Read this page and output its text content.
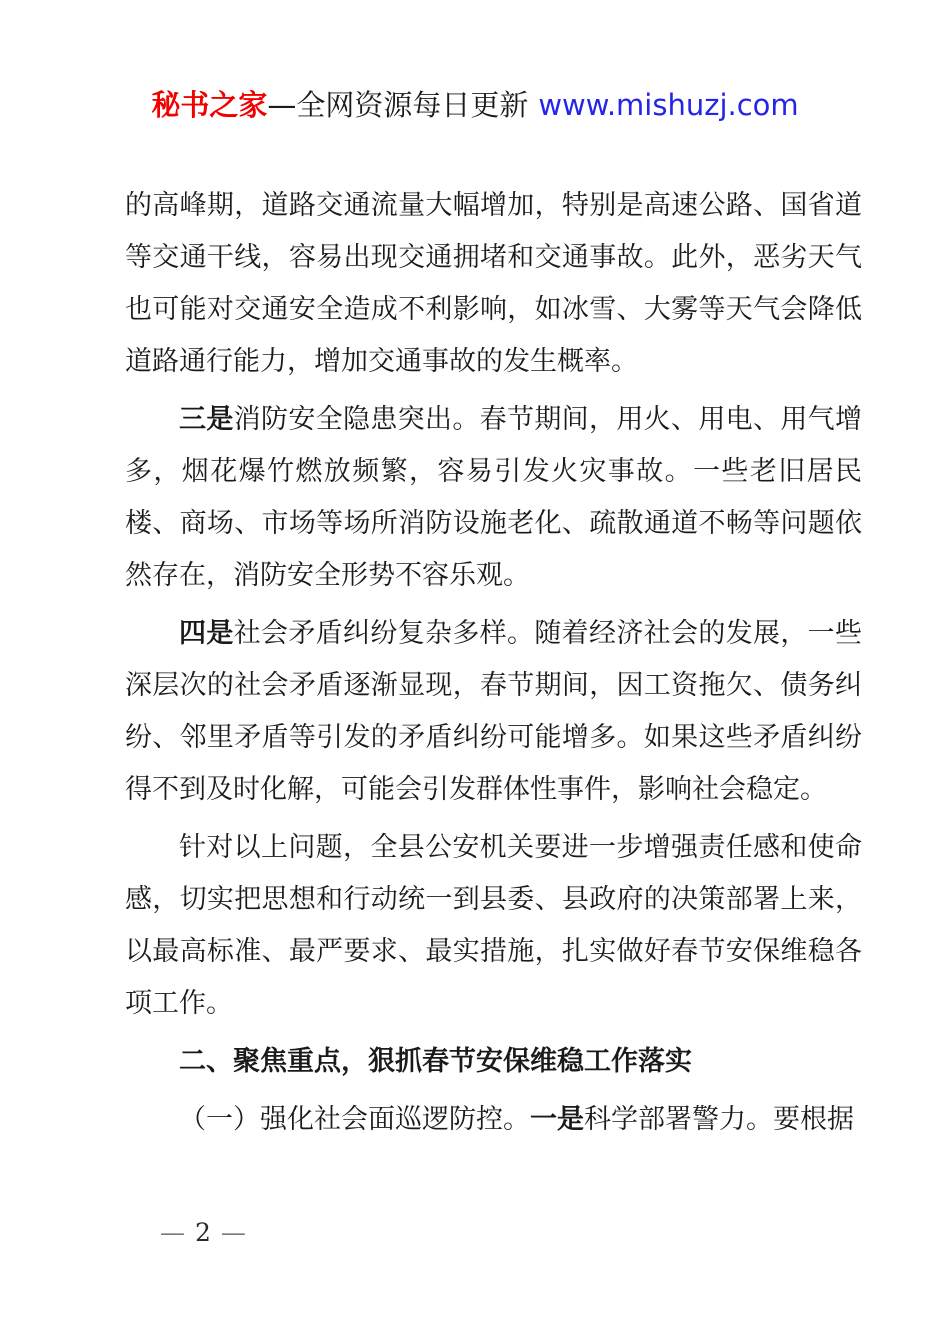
秘书之家—全网资源每日更新 www.mishuzj.com

的高峰期，道路交通流量大幅增加，特别是高速公路、国省道等交通干线，容易出现交通拥堵和交通事故。此外，恶劣天气也可能对交通安全造成不利影响，如冰雪、大雾等天气会降低道路通行能力，增加交通事故的发生概率。

三是消防安全隐患突出。春节期间，用火、用电、用气增多，烟花爆竹燃放频繁，容易引发火灾事故。一些老旧居民楼、商场、市场等场所消防设施老化、疏散通道不畅等问题依然存在，消防安全形势不容乐观。

四是社会矛盾纠纷复杂多样。随着经济社会的发展，一些深层次的社会矛盾逐渐显现，春节期间，因工资拖欠、债务纠纷、邻里矛盾等引发的矛盾纠纷可能增多。如果这些矛盾纠纷得不到及时化解，可能会引发群体性事件，影响社会稳定。

针对以上问题，全县公安机关要进一步增强责任感和使命感，切实把思想和行动统一到县委、县政府的决策部署上来，以最高标准、最严要求、最实措施，扎实做好春节安保维稳各项工作。

二、聚焦重点，狠抓春节安保维稳工作落实

（一）强化社会面巡逻防控。一是科学部署警力。要根据

— 2 —
